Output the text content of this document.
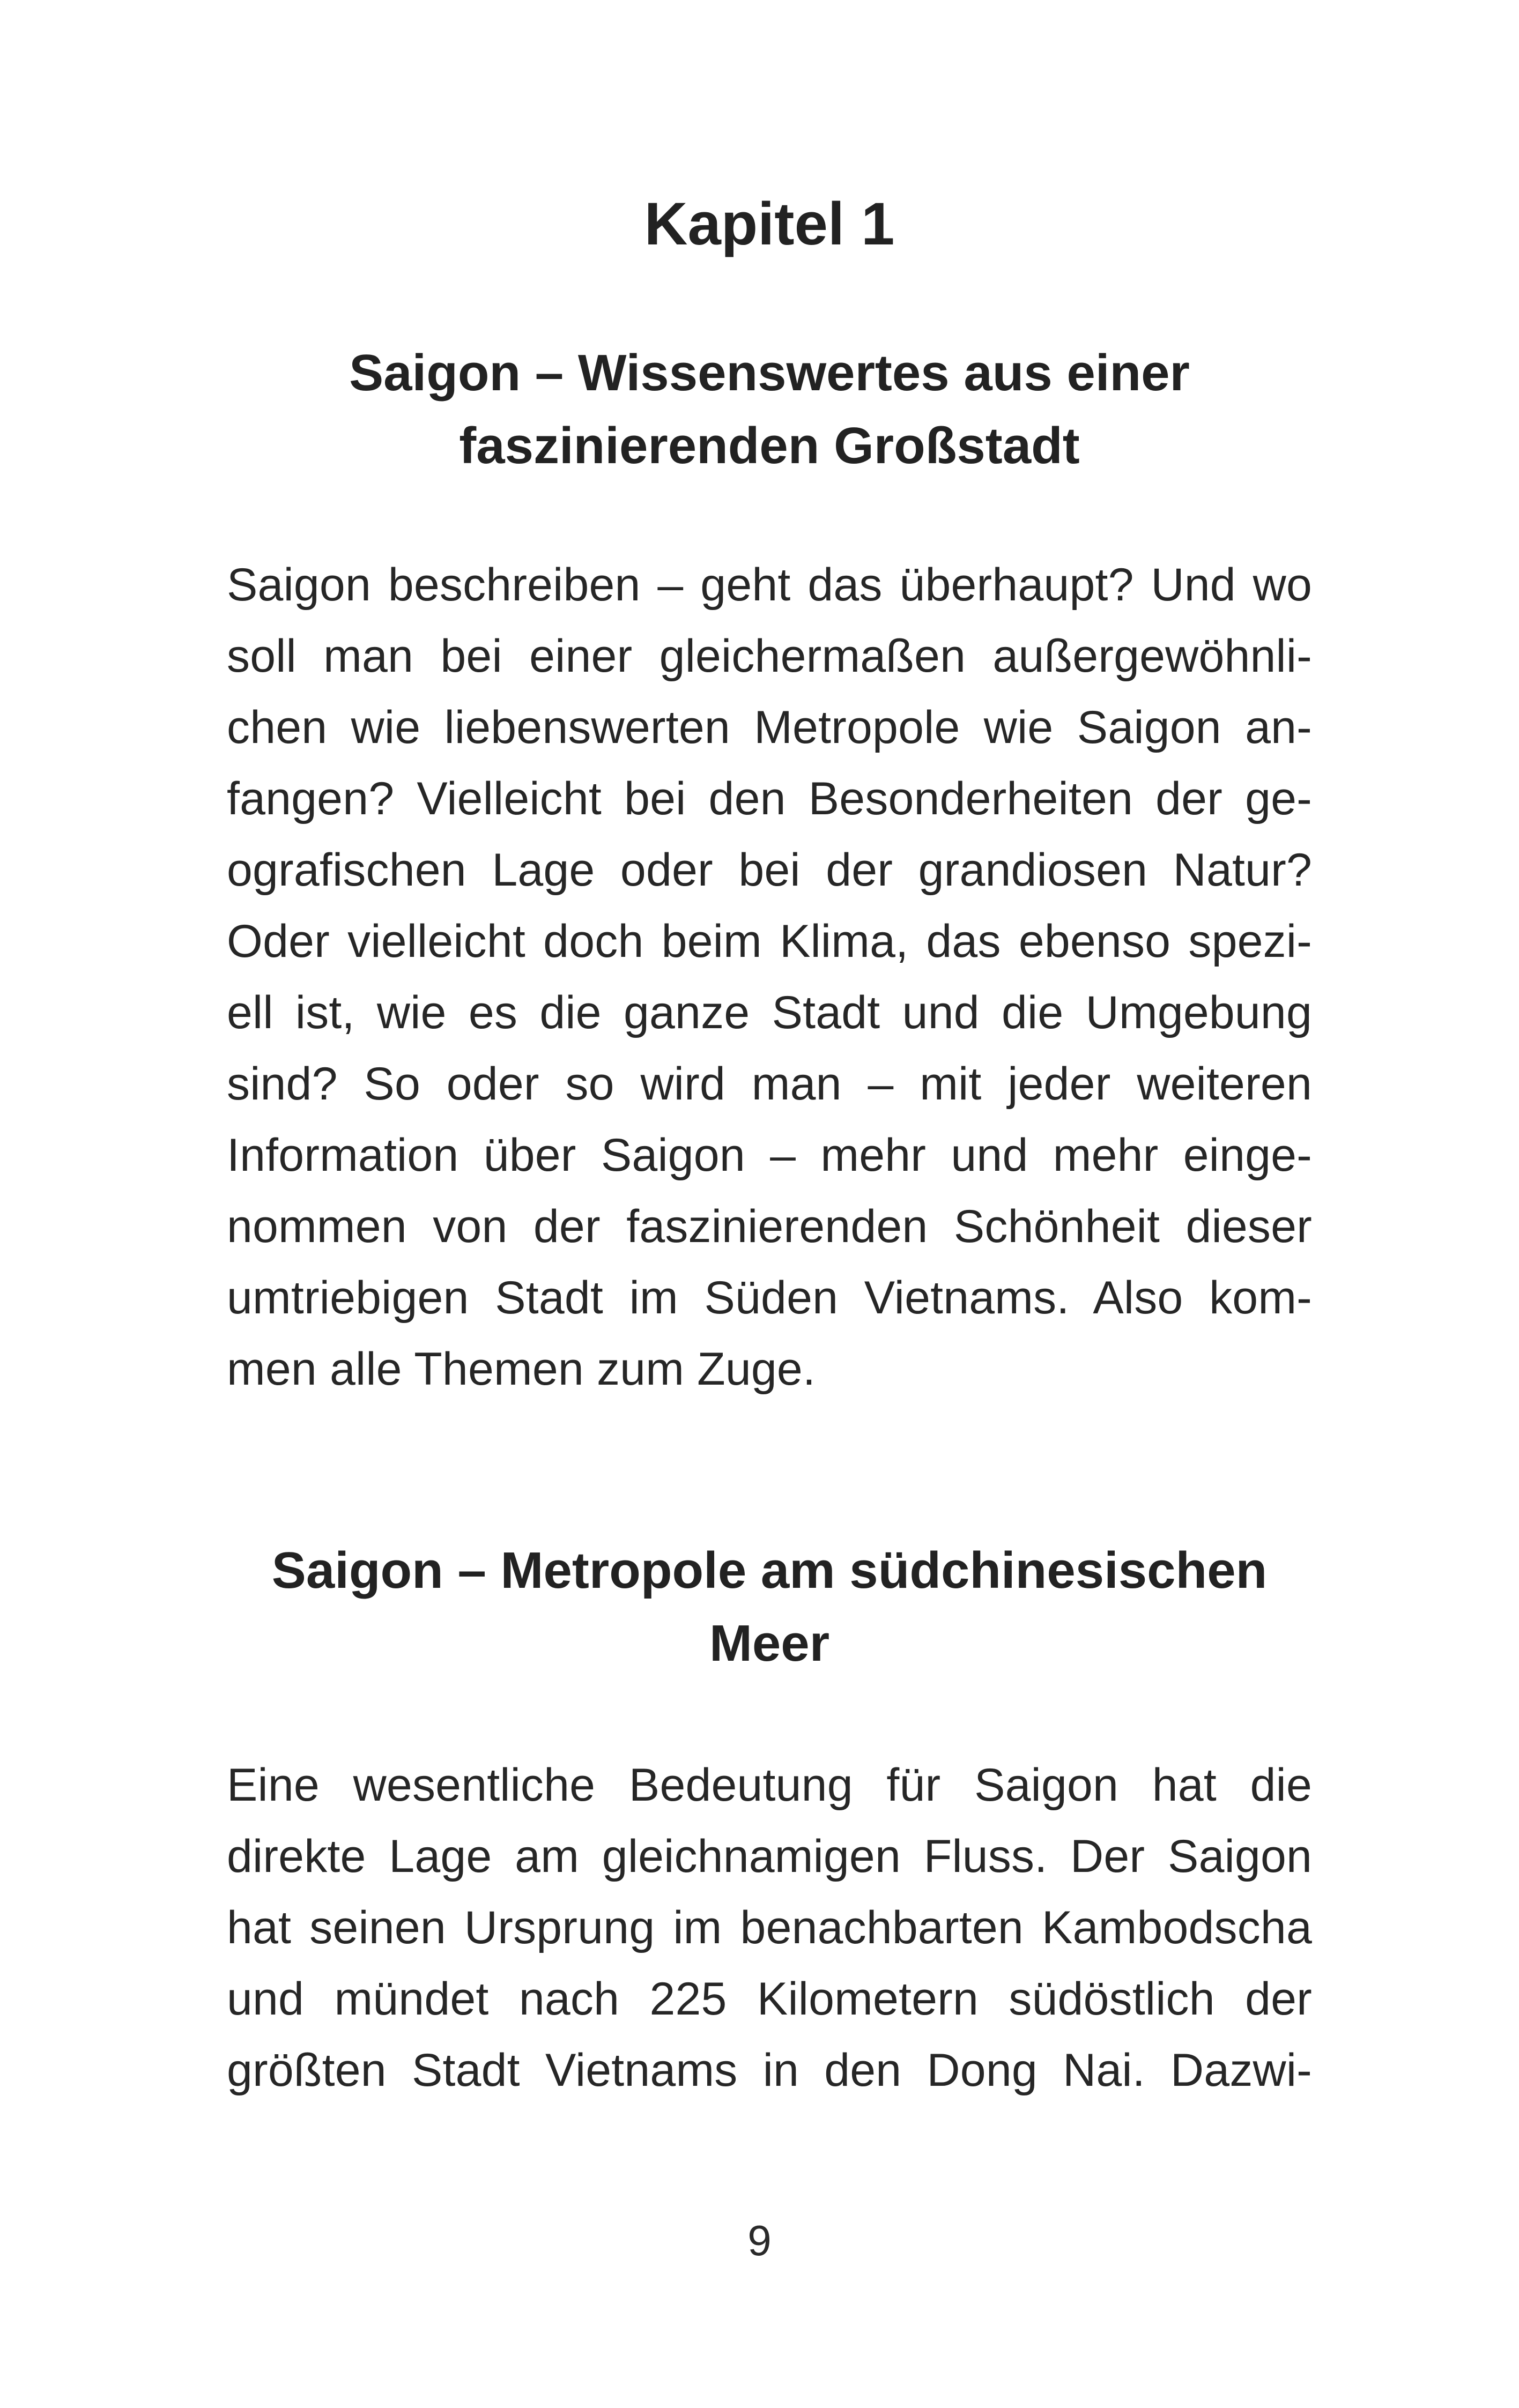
Kapitel 1
Saigon – Wissenswertes aus einer
faszinierenden Großstadt

Saigon beschreiben – geht das überhaupt? Und wo
soll man bei einer gleichermaßen außergewöhnli-
chen wie liebenswerten Metropole wie Saigon an-
fangen? Vielleicht bei den Besonderheiten der ge-
ografischen Lage oder bei der grandiosen Natur?
Oder vielleicht doch beim Klima, das ebenso spezi-
ell ist, wie es die ganze Stadt und die Umgebung
sind? So oder so wird man – mit jeder weiteren
Information über Saigon – mehr und mehr einge-
nommen von der faszinierenden Schönheit dieser
umtriebigen Stadt im Süden Vietnams. Also kom-
men alle Themen zum Zuge.

Saigon – Metropole am südchinesischen
Meer

Eine wesentliche Bedeutung für Saigon hat die
direkte Lage am gleichnamigen Fluss. Der Saigon
hat seinen Ursprung im benachbarten Kambodscha
und mündet nach 225 Kilometern südöstlich der
größten Stadt Vietnams in den Dong Nai. Dazwi-

9
